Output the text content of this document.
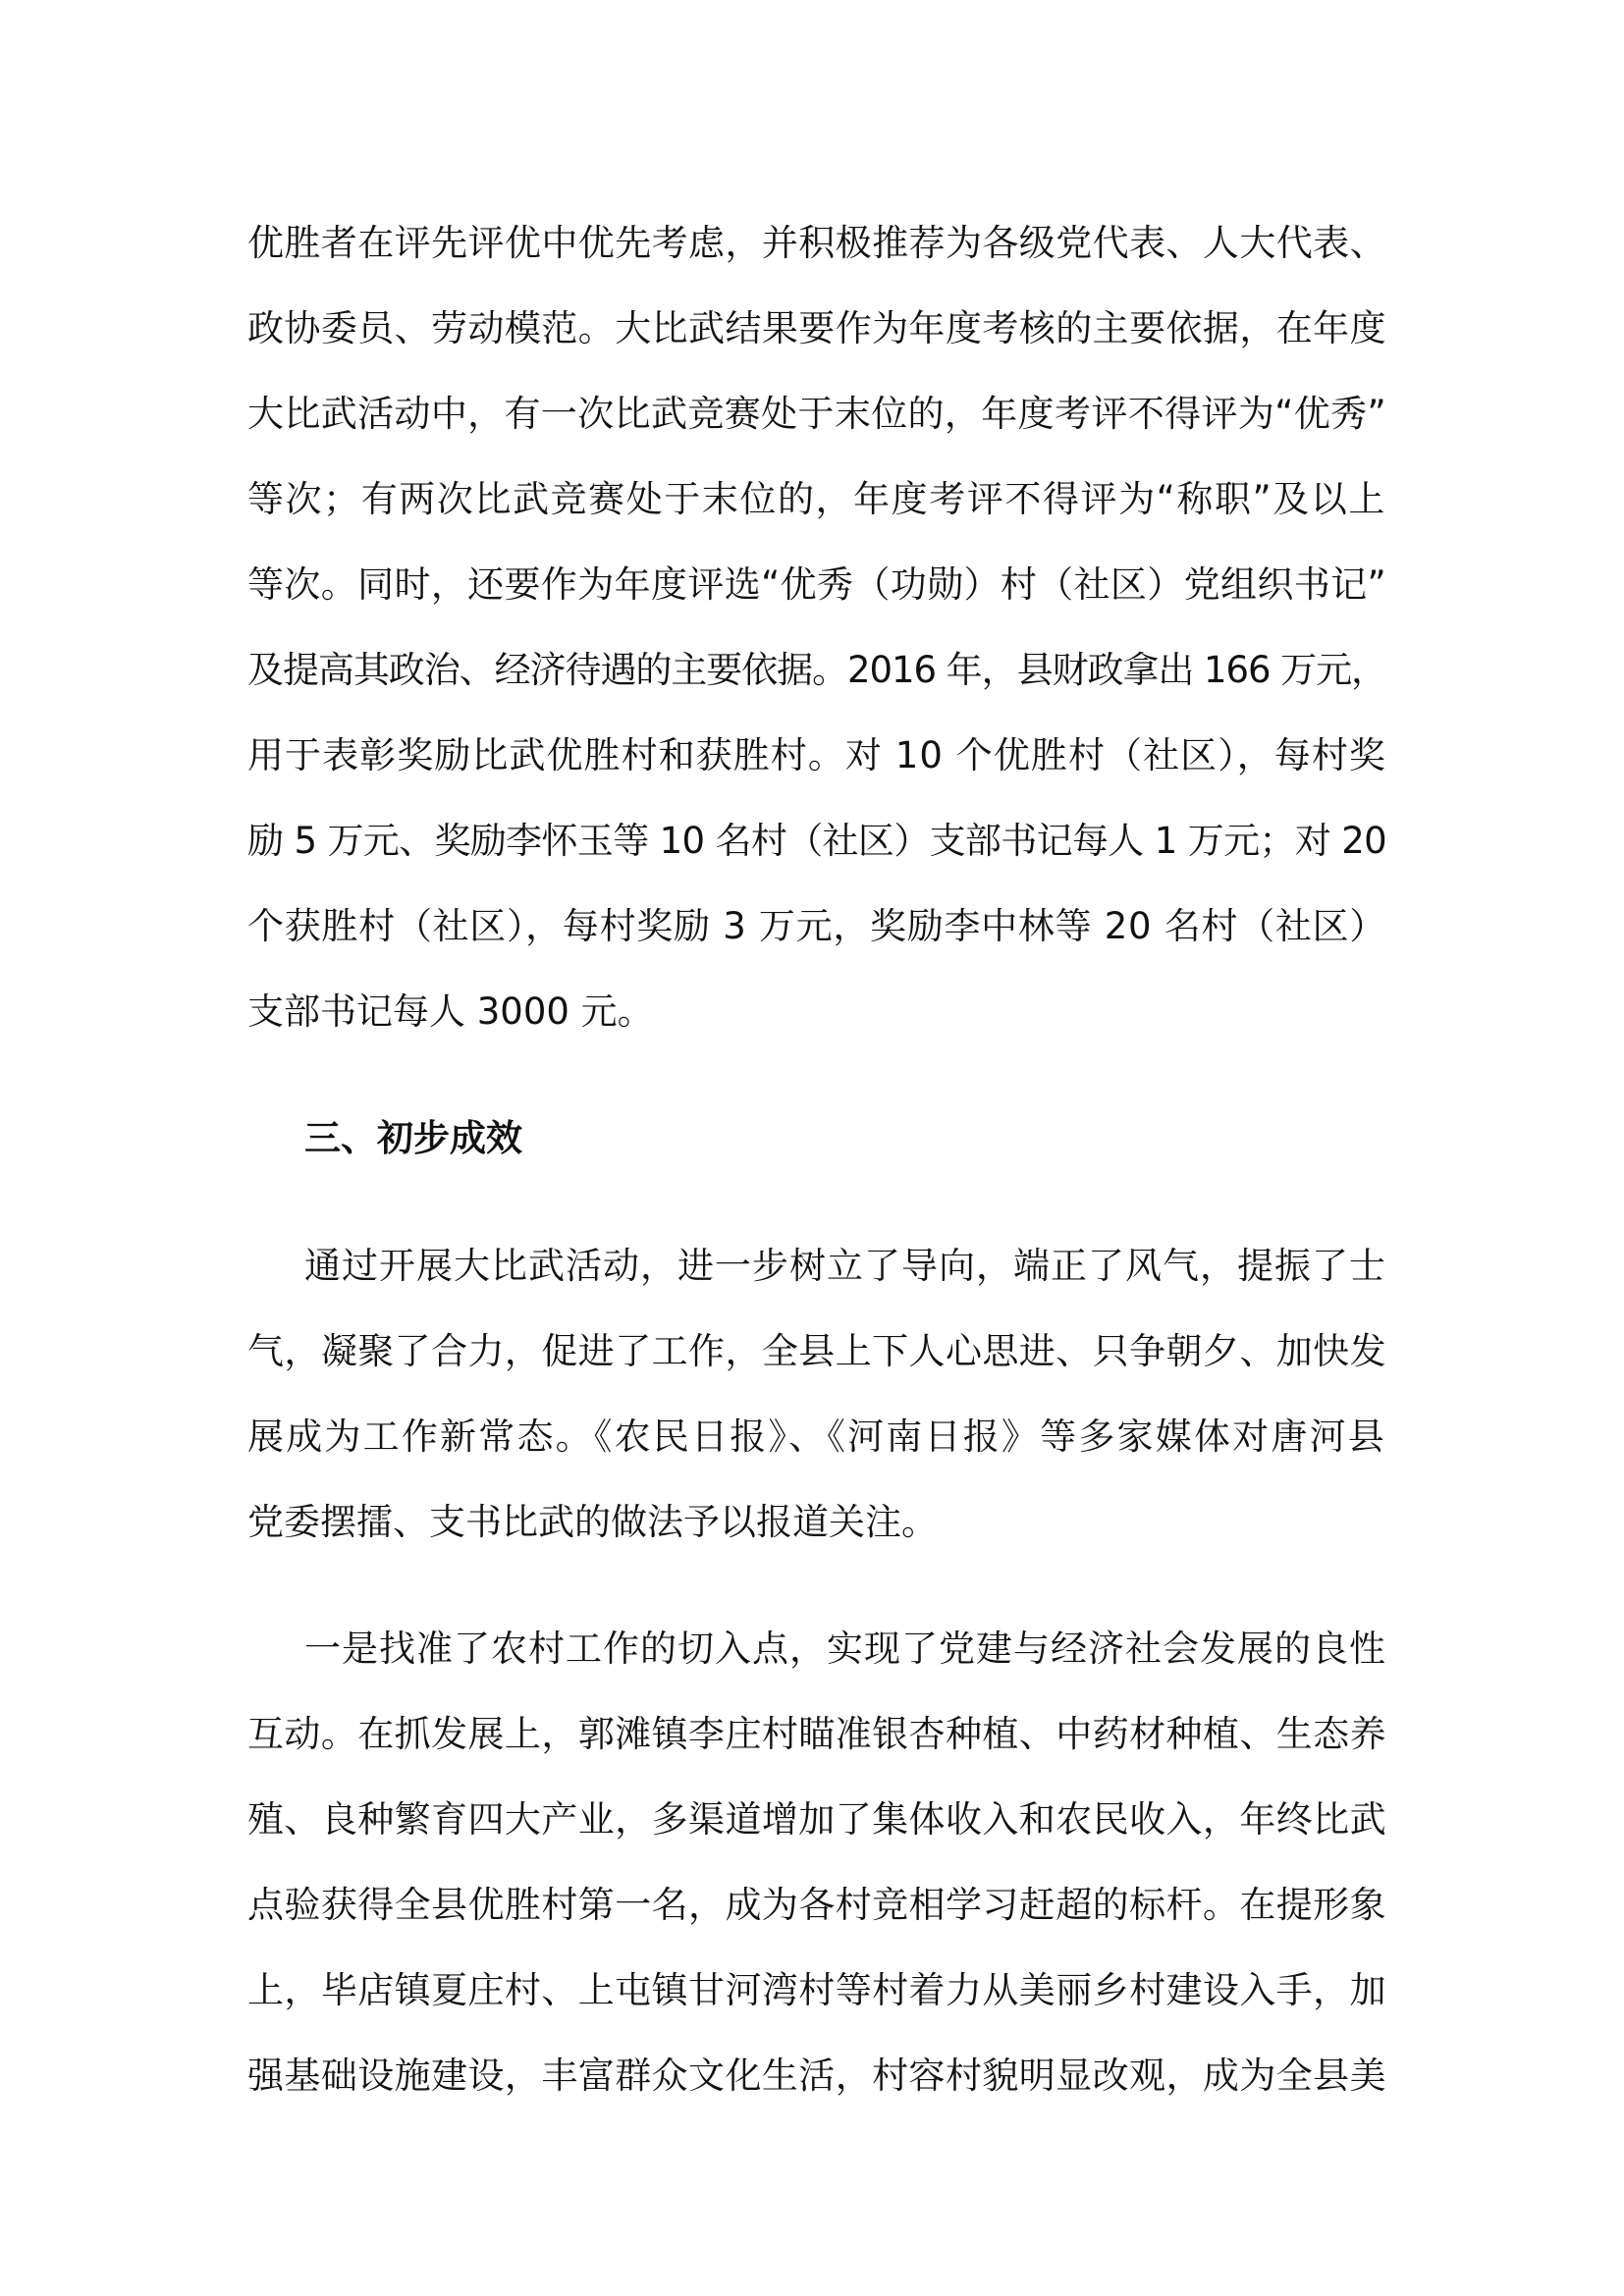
优胜者在评先评优中优先考虑，并积极推荐为各级党代表、人大代表、
政协委员、劳动模范。大比武结果要作为年度考核的主要依据，在年度
大比武活动中，有一次比武竞赛处于末位的，年度考评不得评为“优秀”
等次；有两次比武竞赛处于末位的，年度考评不得评为“称职”及以上
等次。同时，还要作为年度评选“优秀（功勋）村（社区）党组织书记”
及提高其政治、经济待遇的主要依据。2016 年，县财政拿出 166 万元，
用于表彰奖励比武优胜村和获胜村。对 10 个优胜村（社区），每村奖
励 5 万元、奖励李怀玉等 10 名村（社区）支部书记每人 1 万元；对 20
个获胜村（社区），每村奖励 3 万元，奖励李中林等 20 名村（社区）
支部书记每人 3000 元。
三、初步成效
通过开展大比武活动，进一步树立了导向，端正了风气，提振了士
气，凝聚了合力，促进了工作，全县上下人心思进、只争朝夕、加快发
展成为工作新常态。《农民日报》、《河南日报》等多家媒体对唐河县
党委摆擂、支书比武的做法予以报道关注。
一是找准了农村工作的切入点，实现了党建与经济社会发展的良性
互动。在抓发展上，郭滩镇李庄村瞄准银杏种植、中药材种植、生态养
殖、良种繁育四大产业，多渠道增加了集体收入和农民收入，年终比武
点验获得全县优胜村第一名，成为各村竞相学习赶超的标杆。在提形象
上，毕店镇夏庄村、上屯镇甘河湾村等村着力从美丽乡村建设入手，加
强基础设施建设，丰富群众文化生活，村容村貌明显改观，成为全县美
